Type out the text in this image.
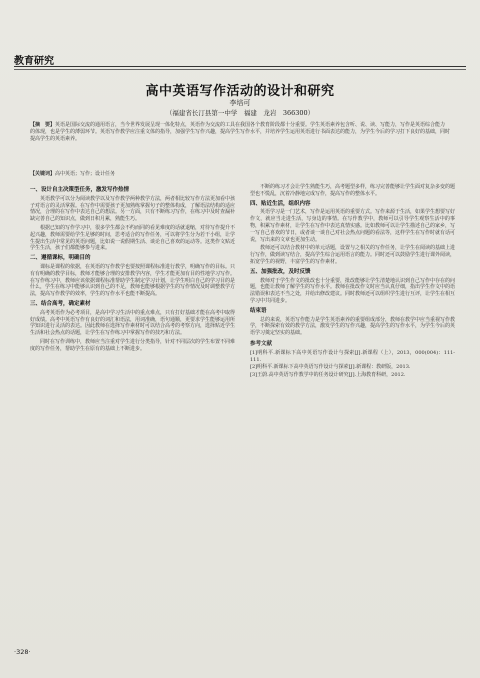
教育研究
高中英语写作活动的设计和研究
李培可
（福建省长汀县第一中学　福建　龙岩　366300）
【摘　要】英语是国际交流的通用语言，当今世界发展呈现一体化特点，英语作为交流的工具在我国各个教育阶段都十分重要。学生英语素养包含听、说、读、写能力，写作是英语综合能力的体现，也是学生的薄弱环节。英语写作教学应注重文体的指导，加强学生写作兴趣，提高学生写作水平，并培养学生运用英语进行书面表达的能力，为学生今后的学习打下良好的基础，同时提高学生的英语素养。
【关键词】高中英语；写作；设计任务
一、设计自主决策型任务，激发写作热情
英语教学可以分为阅读教学以及写作教学两种教学方法，两者相比较写作方法更加看中孩子对语言的灵活掌握。在写作中需要孩子更加熟练掌握句子的整体构成，了解语法结构的适应情况，合理的在写作中表达自己的想法。另一方面，只有不断练习写作，在练习中及时查漏补缺完善自己的知识点，做到日积月累，熟能生巧。
根据已知的写作学习中，很多学生都会不约而同的看见难度的话就退缩，对待写作提升不起兴趣，教师需要给学生足够的时间，思考适合的写作任务，可以将学生分为若干小组，让学生提出生活中常见的英语问题，比如说一说假期生活、谈论自己喜欢的运动等。这类作文贴近学生生活，孩子们都能够参与进来。
二、遵循课标，明确目的
课标是课程的依据，在英语的写作教学也要按照课程标准进行教学，明确写作的目标。只有有明确的教学目标，教师才能够合理的安排教学内容，学生才能更加有目的性地学习写作。在写作练习中，教师应该依据课程标准帮助学生制定学习计划，让学生明白自己的学习目的是什么，学生在练习中能够认识到自己的不足，教师也能够根据学生的写作情况及时调整教学方法，提高写作教学的效率，学生的写作水平也能不断提高。
三、结合高考，确定素材
高考英语作为必考项目，是高中学习生活中的重点难点，只有打好基础才能在高考中取得好成绩。高考中英语写作有良好的词汇和语法，用词准确，语句通顺，更要求学生能够运用所学知识进行灵活的表达。因此教师在选择写作素材时可以结合高考的考察方向，选择贴近学生生活和社会热点的话题，让学生在写作练习中掌握写作的技巧和方法。
同时在写作训练中，教师应当注重对学生进行分类指导，针对不同层次的学生布置不同难度的写作任务，帮助学生在原有的基础上不断进步。
不断的练习才会让学生熟能生巧，高考题型多样，练习完善能够让学生面对复杂多变的题型也不慌乱，沉着冷静地完成写作，提高写作的整体水平。
四、贴近生活，组织内容
英语学习是一门艺术，写作是运用英语的重要方式。写作来源于生活，如果学生想要写好作文，就应当走进生活，写身边的事情。在写作教学中，教师可以引导学生观察生活中的事物，积累写作素材，让学生在写作中表达真情实感。比如教师可以让学生描述自己的家乡，写一写自己喜欢的节日，或者谈一谈自己对社会热点问题的看法等，这样学生在写作时就有话可说，写出来的文章也更加生动。
教师还可以结合教材中的单元话题，设置与之相关的写作任务，让学生在阅读的基础上进行写作，做到读写结合，提高学生综合运用语言的能力。同时还可以鼓励学生进行课外阅读，拓宽学生的视野，丰富学生的写作素材。
五、加强批改，及时反馈
教师对于学生作文的批改也十分重要，批改能够让学生清楚地认识到自己写作中存在的问题，也能让教师了解学生的写作水平。教师在批改作文时应当认真仔细，指出学生作文中的语法错误和表达不当之处，并给出修改建议。同时教师还可以组织学生进行互评，让学生在相互学习中共同进步。
结束语
总的来说，英语写作能力是学生英语素养的重要组成部分，教师在教学中应当重视写作教学，不断探索有效的教学方法，激发学生的写作兴趣，提高学生的写作水平，为学生今后的英语学习奠定坚实的基础。
参考文献
[1]明科平.新课标下高中英语写作设计与探索[J].新课程（上），2013，000(004)：111-111.
[2]明科平.新课标下高中英语写作设计与探索[J].新课程：教研版，2013.
[3]王蔚.高中英语写作教学中的任务设计研究[J].上海教育科研，2012.
·328·
